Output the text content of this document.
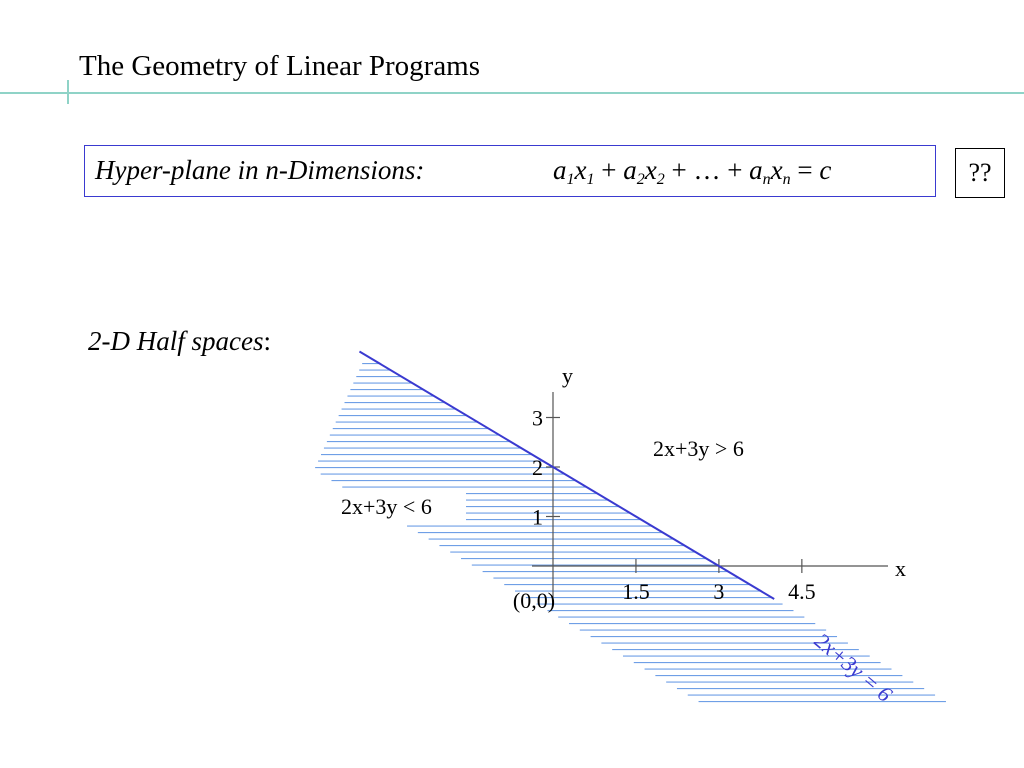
The Geometry of Linear Programs
Hyper-plane in n-Dimensions:	$a_1x_1 + a_2x_2$ + … + $a_nx_n = c$	??
2-D Half spaces:
1.5	3	4.5
1
2
3
x
y
(0,0)
2x+3y > 6
2x+3y < 6
2x+3y = 6
